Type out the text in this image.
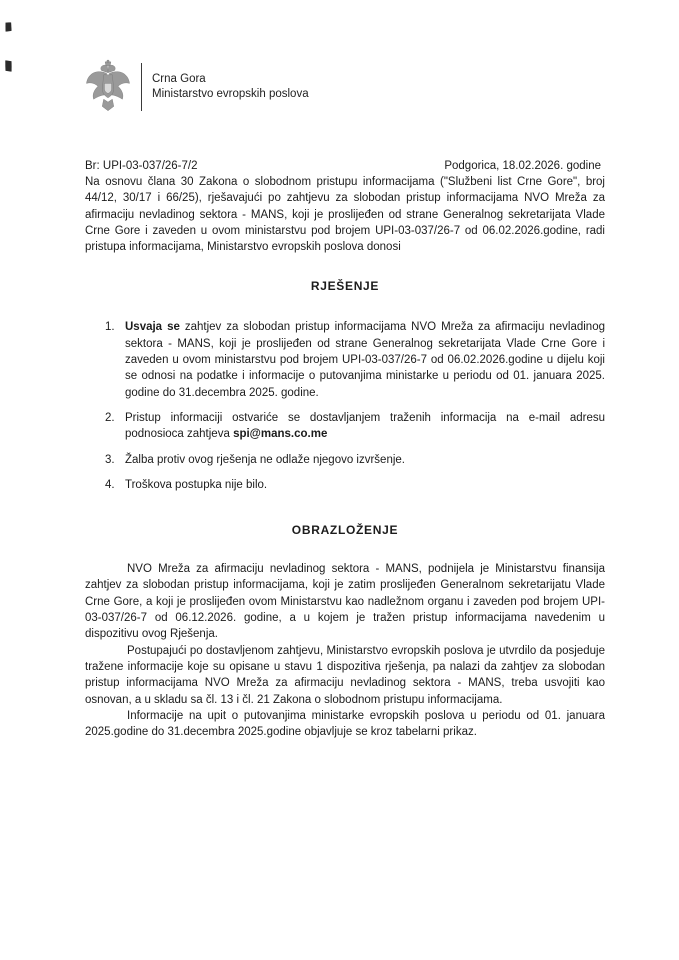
Crna Gora
Ministarstvo evropskih poslova
Br: UPI-03-037/26-7/2	Podgorica, 18.02.2026. godine

Na osnovu člana 30 Zakona o slobodnom pristupu informacijama ("Službeni list Crne Gore", broj 44/12, 30/17 i 66/25), rješavajući po zahtjevu za slobodan pristup informacijama NVO Mreža za afirmaciju nevladinog sektora - MANS, koji je proslijeđen od strane Generalnog sekretarijata Vlade Crne Gore i zaveden u ovom ministarstvu pod brojem UPI-03-037/26-7 od 06.02.2026.godine, radi pristupa informacijama, Ministarstvo evropskih poslova donosi

RJEŠENJE
1. Usvaja se zahtjev za slobodan pristup informacijama NVO Mreža za afirmaciju nevladinog sektora - MANS, koji je proslijeđen od strane Generalnog sekretarijata Vlade Crne Gore i zaveden u ovom ministarstvu pod brojem UPI-03-037/26-7 od 06.02.2026.godine u dijelu koji se odnosi na podatke i informacije o putovanjima ministarke u periodu od 01. januara 2025. godine do 31.decembra 2025. godine.
2. Pristup informaciji ostvariće se dostavljanjem traženih informacija na e-mail adresu podnosioca zahtjeva spi@mans.co.me
3. Žalba protiv ovog rješenja ne odlaže njegovo izvršenje.
4. Troškova postupka nije bilo.
OBRAZLOŽENJE

NVO Mreža za afirmaciju nevladinog sektora - MANS, podnijela je Ministarstvu finansija zahtjev za slobodan pristup informacijama, koji je zatim proslijeđen Generalnom sekretarijatu Vlade Crne Gore, a koji je proslijeđen ovom Ministarstvu kao nadležnom organu i zaveden pod brojem UPI-03-037/26-7 od 06.12.2026. godine, a u kojem je tražen pristup informacijama navedenim u dispozitivu ovog Rješenja.

Postupajući po dostavljenom zahtjevu, Ministarstvo evropskih poslova je utvrdilo da posjeduje tražene informacije koje su opisane u stavu 1 dispozitiva rješenja, pa nalazi da zahtjev za slobodan pristup informacijama NVO Mreža za afirmaciju nevladinog sektora - MANS, treba usvojiti kao osnovan, a u skladu sa čl. 13 i čl. 21 Zakona o slobodnom pristupu informacijama.

Informacije na upit o putovanjima ministarke evropskih poslova u periodu od 01. januara 2025.godine do 31.decembra 2025.godine objavljuje se kroz tabelarni prikaz.
